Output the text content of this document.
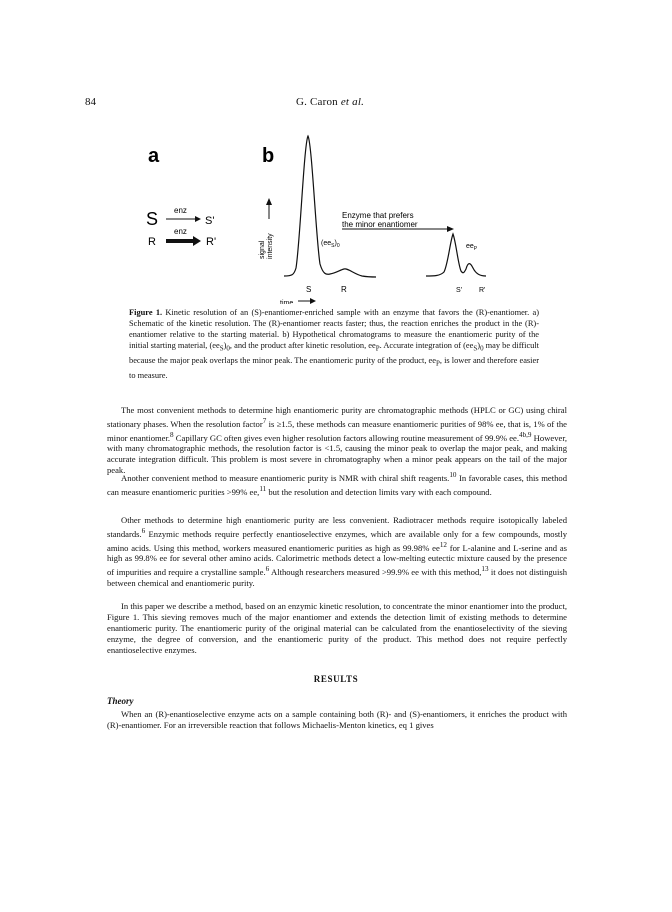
84	G. Caron et al.
a	b
S enz
S'
R
enz
R'	signal intensity
S	R
$(ee_S)_0$
time
Enzyme that prefers
the minor enantiomer
$ee_P$
S' R'
Figure 1. Kinetic resolution of an (S)-enantiomer-enriched sample with an enzyme that favors the (R)-enantiomer. a) Schematic of the kinetic resolution. The (R)-enantiomer reacts faster; thus, the reaction enriches the product in the (R)-enantiomer relative to the starting material. b) Hypothetical chromatograms to measure the enantiomeric purity of the initial starting material, $(ee_S)_0$, and the product after kinetic resolution, $ee_P$. Accurate integration of $(ee_S)_0$ may be difficult because the major peak overlaps the minor peak. The enantiomeric purity of the product, $ee_P$, is lower and therefore easier to measure.

The most convenient methods to determine high enantiomeric purity are chromatographic methods (HPLC or GC) using chiral stationary phases. When the resolution factor$^7$ is ≥1.5, these methods can measure enantiomeric purities of 98% ee, that is, 1% of the minor enantiomer.$^8$ Capillary GC often gives even higher resolution factors allowing routine measurement of 99.9% ee.$^{4b,9}$ However, with many chromatographic methods, the resolution factor is <1.5, causing the minor peak to overlap the major peak, and making accurate integration difficult. This problem is most severe in chromatography when a minor peak appears on the tail of the major peak.

Another convenient method to measure enantiomeric purity is NMR with chiral shift reagents.$^{10}$ In favorable cases, this method can measure enantiomeric purities >99% ee,$^{11}$ but the resolution and detection limits vary with each compound.

Other methods to determine high enantiomeric purity are less convenient. Radiotracer methods require isotopically labeled standards.$^6$ Enzymic methods require perfectly enantioselective enzymes, which are available only for a few compounds, mostly amino acids. Using this method, workers measured enantiomeric purities as high as 99.98% $ee^{12}$ for L-alanine and L-serine and as high as 99.8% ee for several other amino acids. Calorimetric methods detect a low-melting eutectic mixture caused by the presence of impurities and require a crystalline sample.$^6$ Although researchers measured >99.9% ee with this method,$^{13}$ it does not distinguish between chemical and enantiomeric purity.

In this paper we describe a method, based on an enzymic kinetic resolution, to concentrate the minor enantiomer into the product, Figure 1. This sieving removes much of the major enantiomer and extends the detection limit of existing methods to determine enantiomeric purity. The enantiomeric purity of the original material can be calculated from the enantioselectivity of the sieving enzyme, the degree of conversion, and the enantiomeric purity of the product. This method does not require perfectly enantioselective enzymes.

RESULTS
Theory

When an (R)-enantioselective enzyme acts on a sample containing both (R)- and (S)-enantiomers, it enriches the product with (R)-enantiomer. For an irreversible reaction that follows Michaelis-Menton kinetics, eq 1 gives
